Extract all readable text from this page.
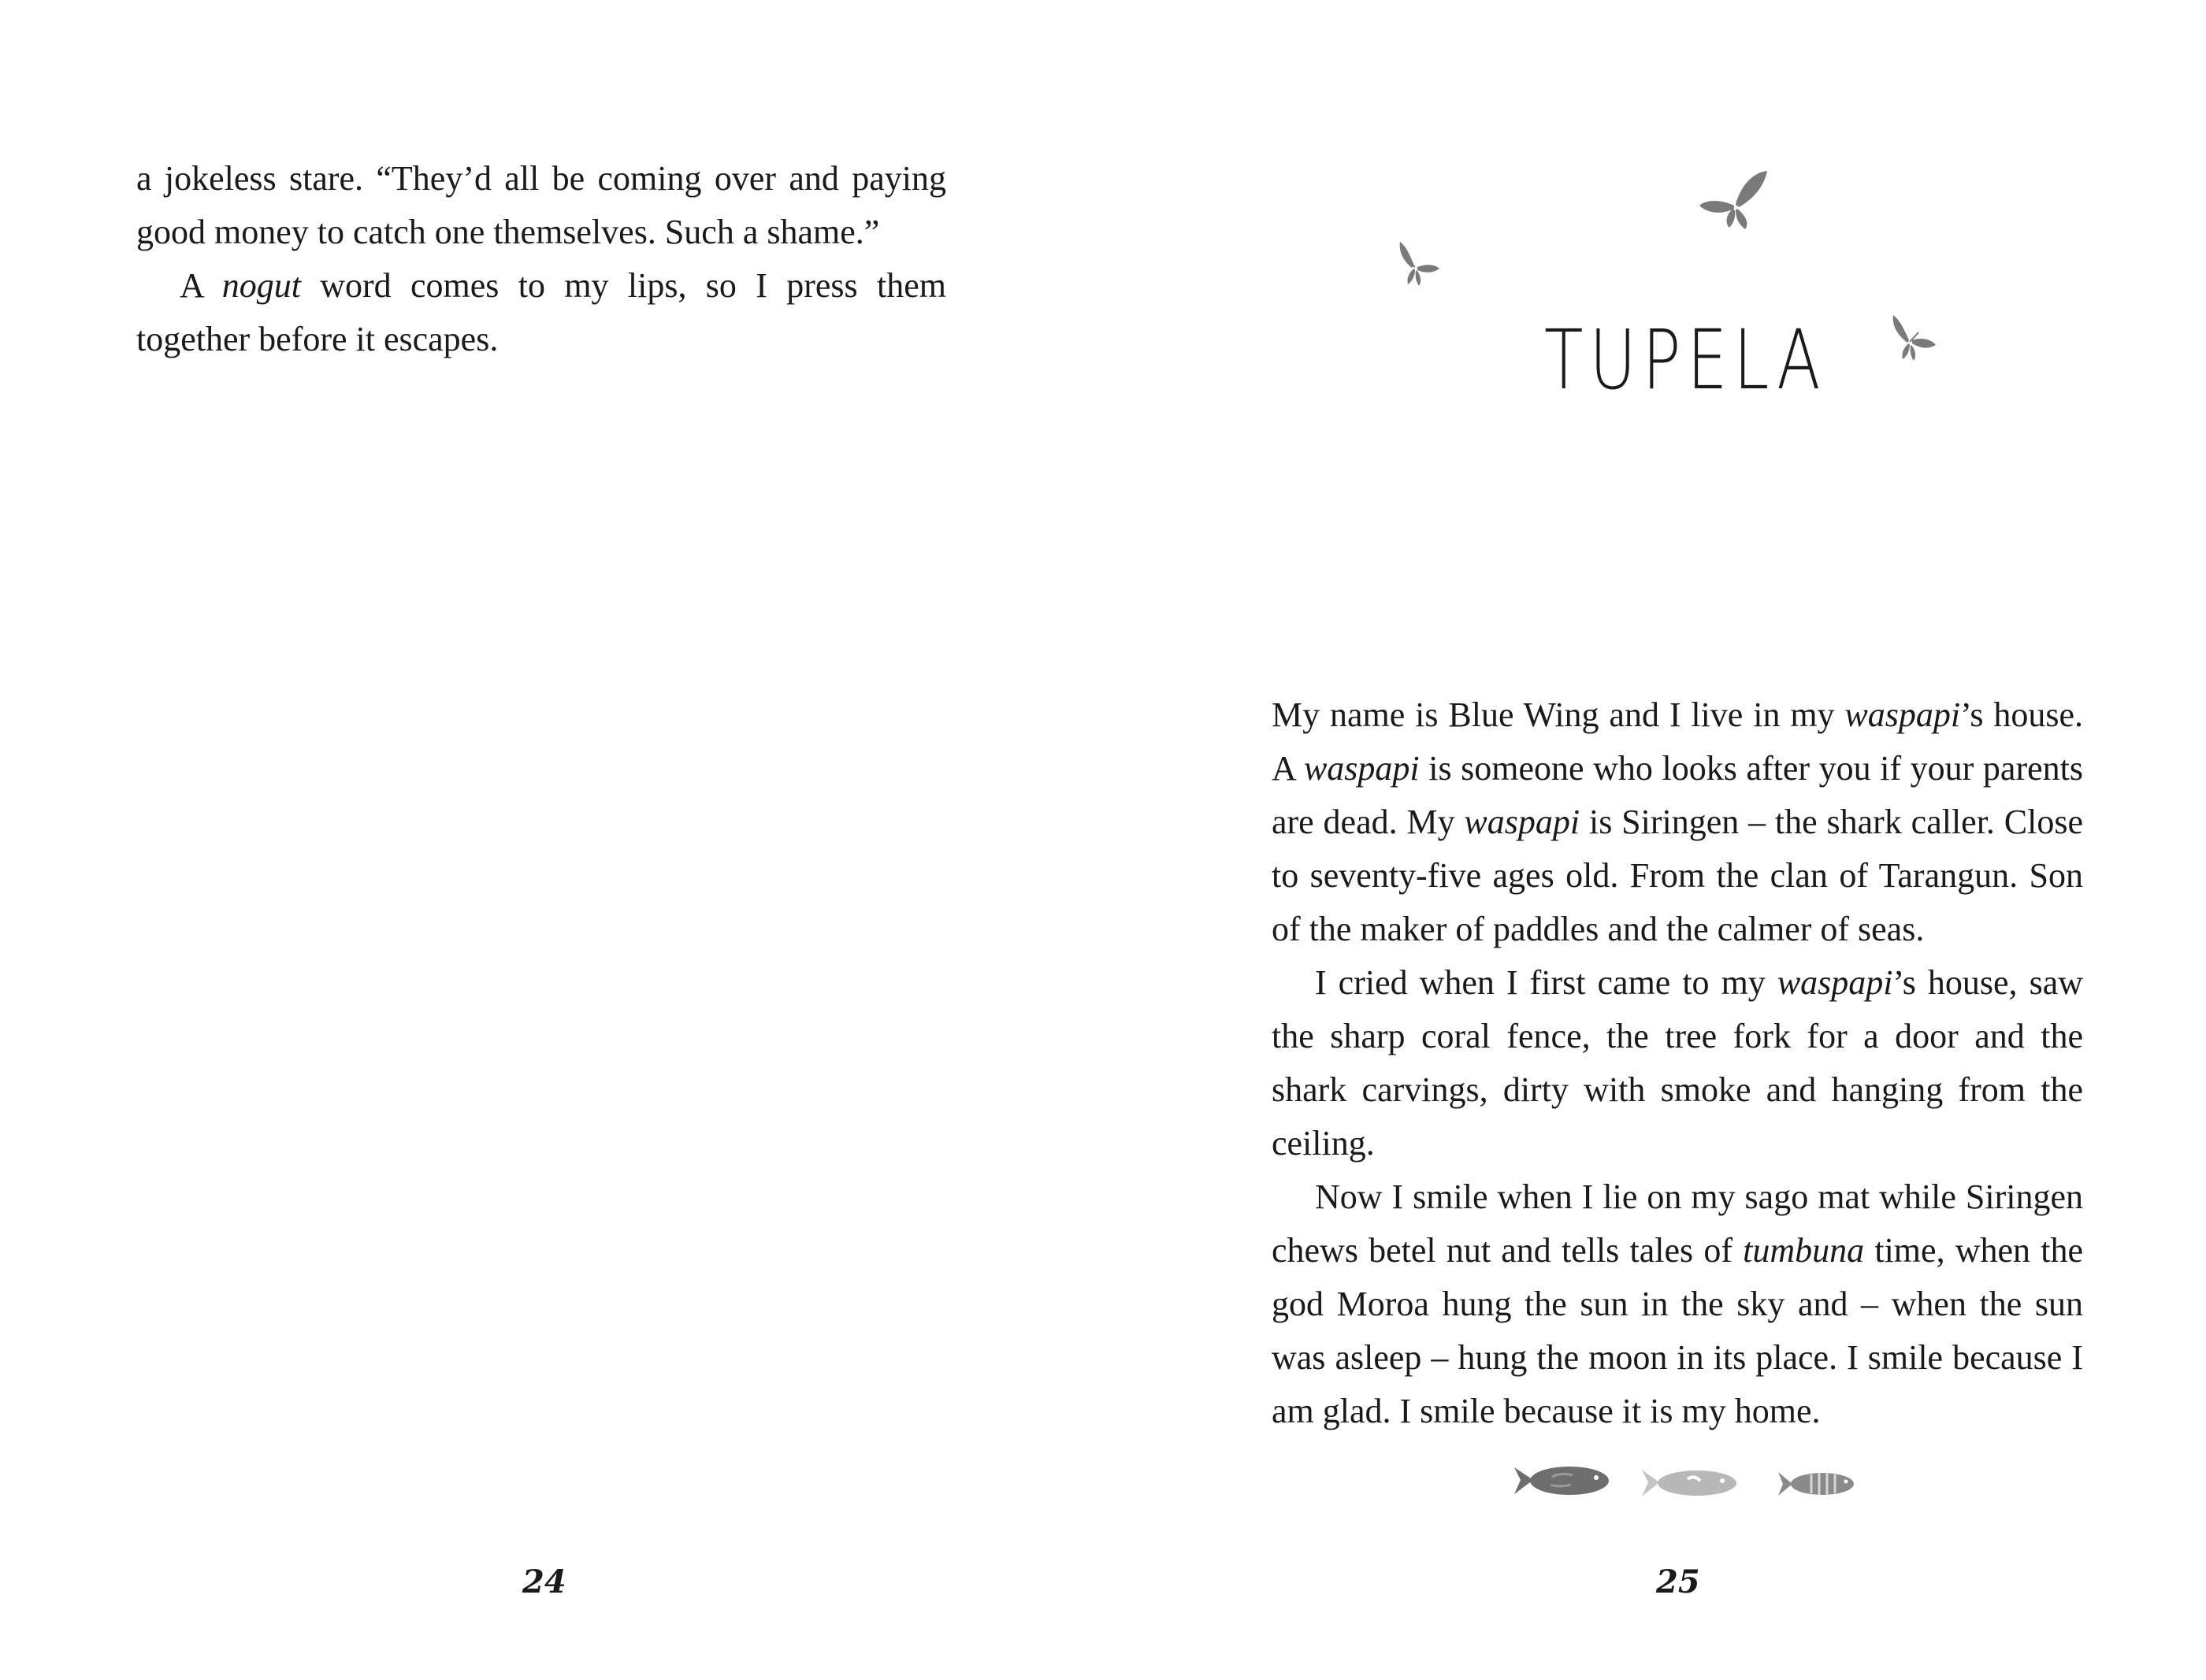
a jokeless stare. “They’d all be coming over and paying good money to catch one themselves. Such a shame.”

A nogut word comes to my lips, so I press them together before it escapes.

24
TUPELA

My name is Blue Wing and I live in my waspapi’s house. A waspapi is someone who looks after you if your parents are dead. My waspapi is Siringen – the shark caller. Close to seventy-five ages old. From the clan of Tarangun. Son of the maker of paddles and the calmer of seas.

I cried when I first came to my waspapi’s house, saw the sharp coral fence, the tree fork for a door and the shark carvings, dirty with smoke and hanging from the ceiling.

Now I smile when I lie on my sago mat while Siringen chews betel nut and tells tales of tumbuna time, when the god Moroa hung the sun in the sky and – when the sun was asleep – hung the moon in its place. I smile because I am glad. I smile because it is my home.

25
